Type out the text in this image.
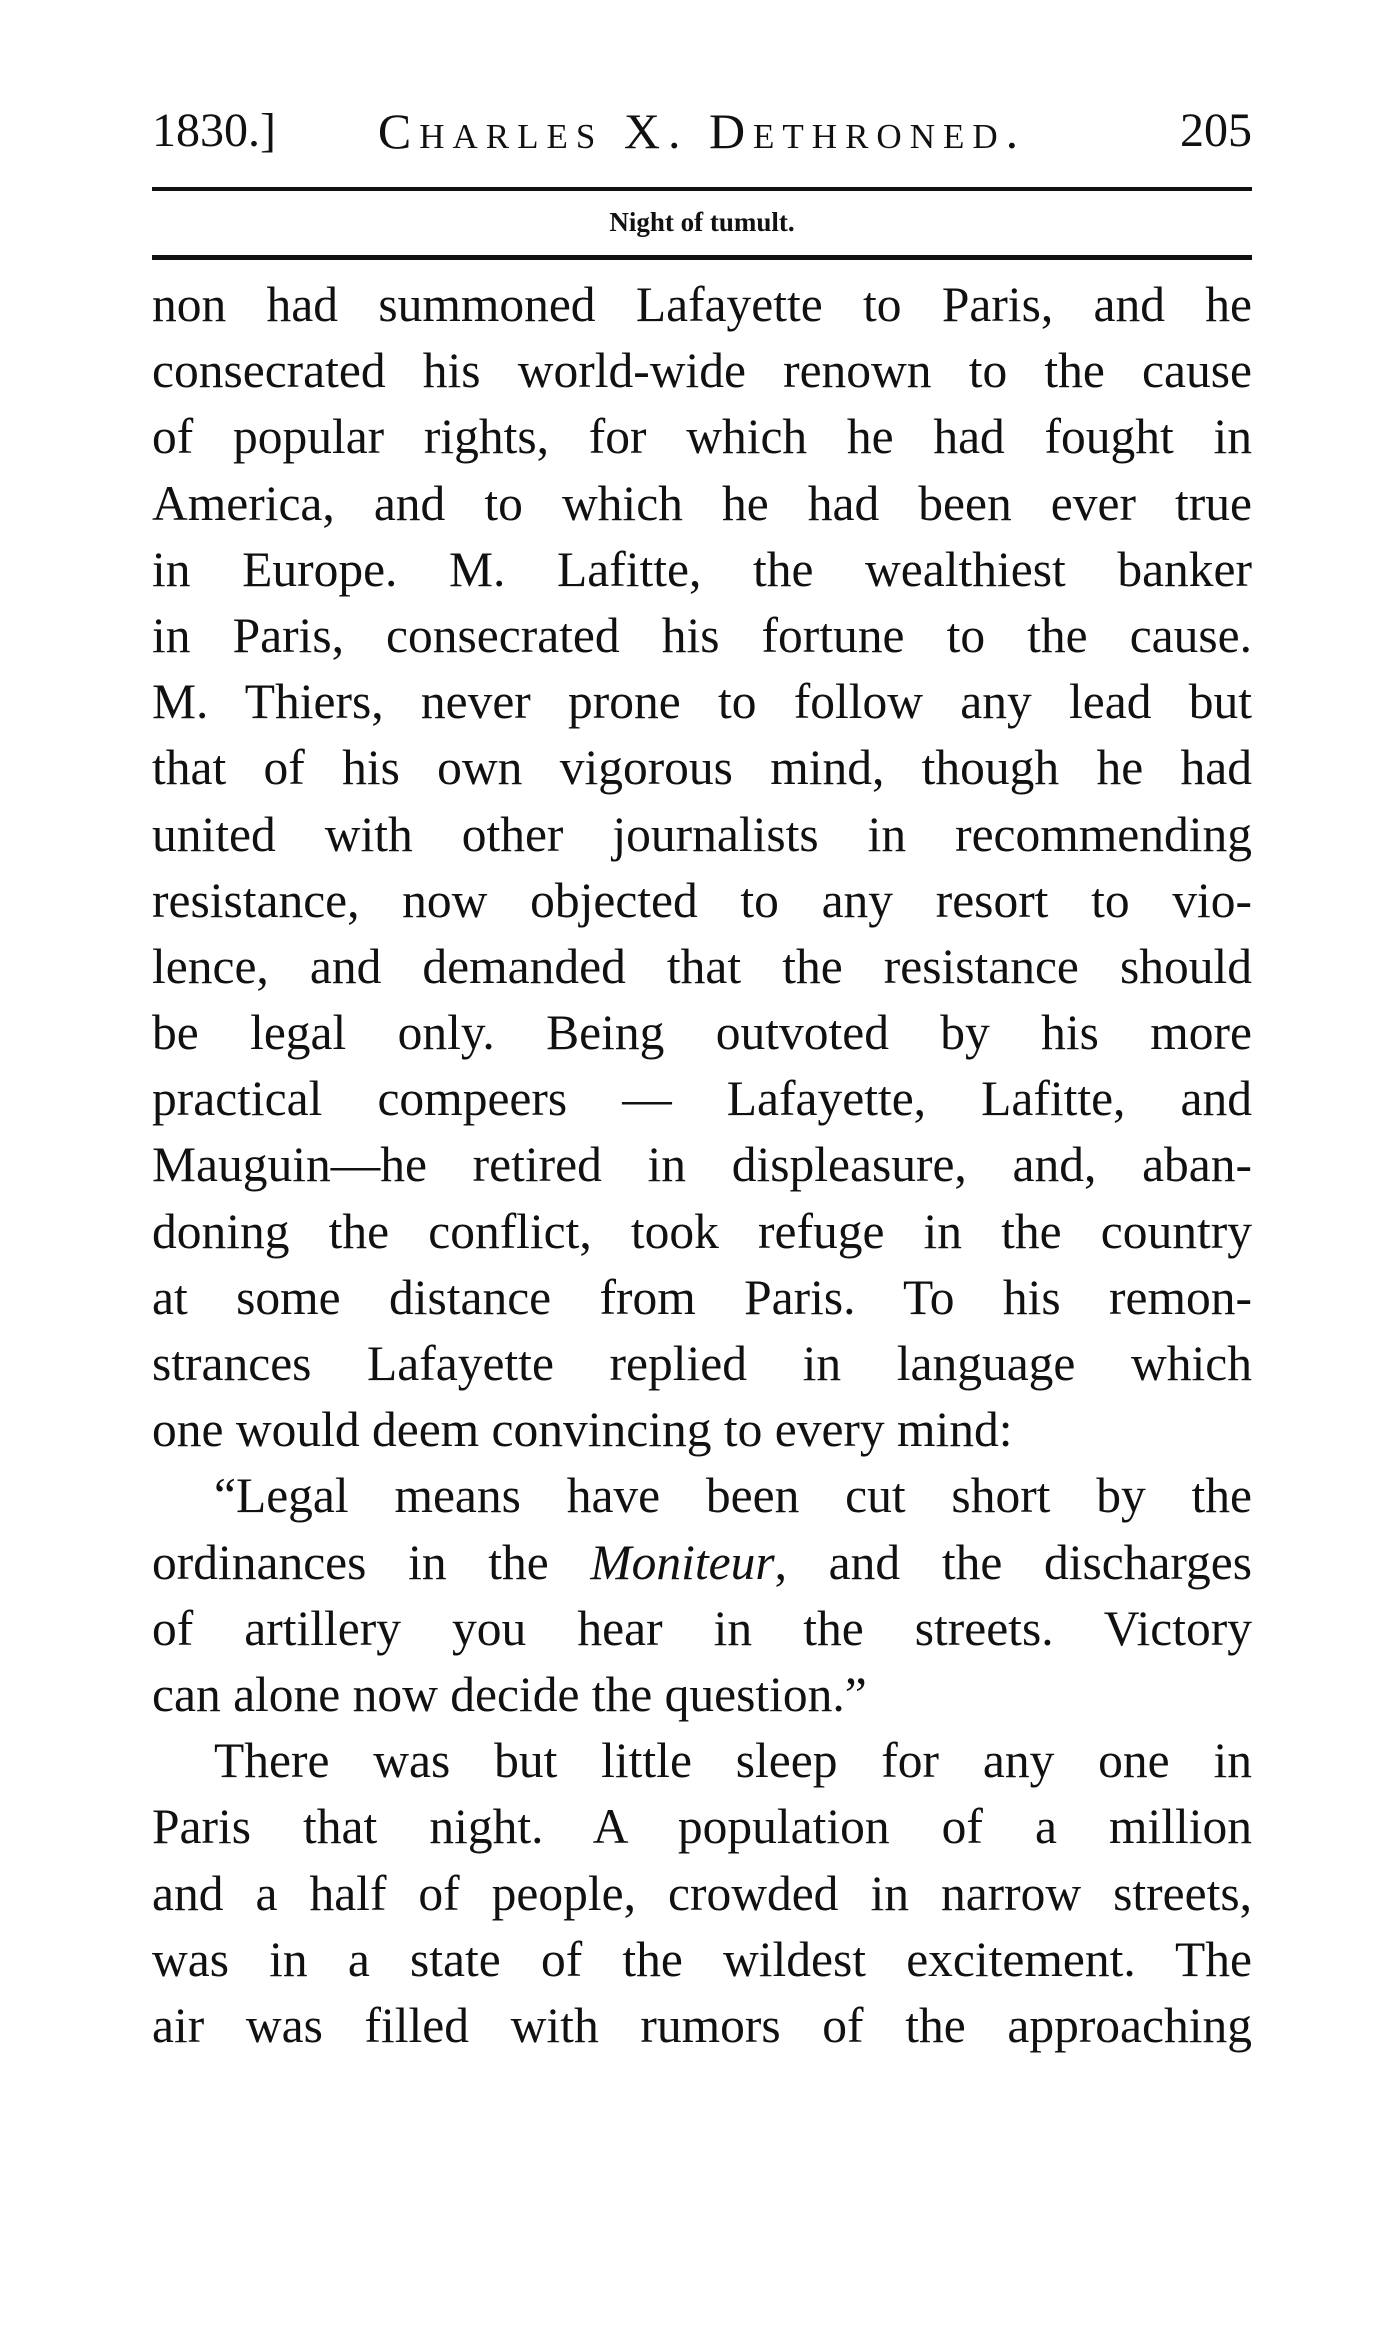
1830.]	Charles X. Dethroned.	205
Night of tumult.
non had summoned Lafayette to Paris, and he
consecrated his world-wide renown to the cause
of popular rights, for which he had fought in
America, and to which he had been ever true
in Europe. M. Lafitte, the wealthiest banker
in Paris, consecrated his fortune to the cause.
M. Thiers, never prone to follow any lead but
that of his own vigorous mind, though he had
united with other journalists in recommending
resistance, now objected to any resort to vio-
lence, and demanded that the resistance should
be legal only. Being outvoted by his more
practical compeers — Lafayette, Lafitte, and
Mauguin—he retired in displeasure, and, aban-
doning the conflict, took refuge in the country
at some distance from Paris. To his remon-
strances Lafayette replied in language which
one would deem convincing to every mind:
“Legal means have been cut short by the
ordinances in the Moniteur, and the discharges
of artillery you hear in the streets. Victory
can alone now decide the question.”
There was but little sleep for any one in
Paris that night. A population of a million
and a half of people, crowded in narrow streets,
was in a state of the wildest excitement. The
air was filled with rumors of the approaching
